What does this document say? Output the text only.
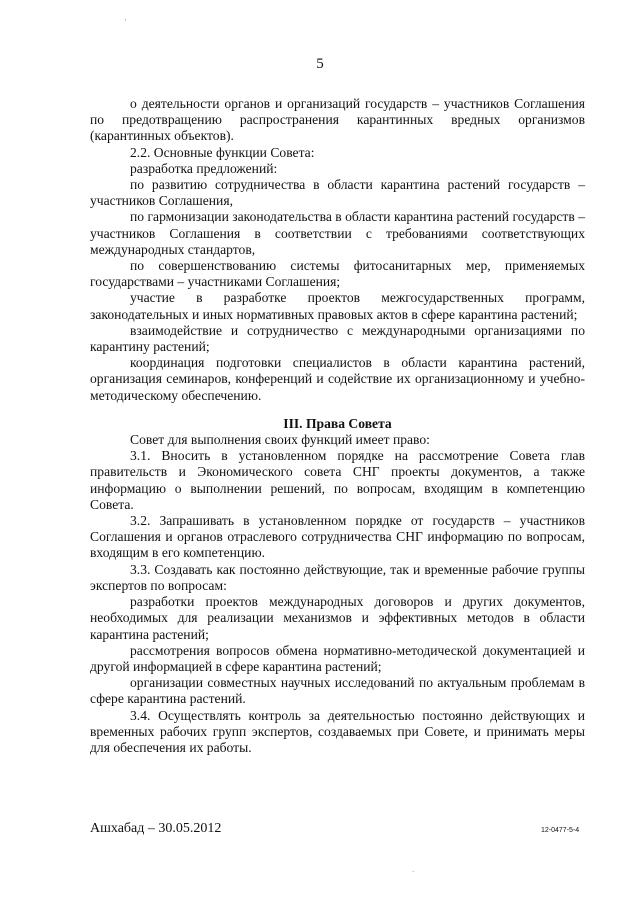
'
·
5

о деятельности органов и организаций государств – участников Соглашения по предотвращению распространения карантинных вредных организмов (карантинных объектов).

2.2. Основные функции Совета:

разработка предложений:

по развитию сотрудничества в области карантина растений государств – участников Соглашения,

по гармонизации законодательства в области карантина растений государств – участников Соглашения в соответствии с требованиями соответствующих международных стандартов,

по совершенствованию системы фитосанитарных мер, применяемых государствами – участниками Соглашения;

участие в разработке проектов межгосударственных программ, законодательных и иных нормативных правовых актов в сфере карантина растений;

взаимодействие и сотрудничество с международными организациями по карантину растений;

координация подготовки специалистов в области карантина растений, организация семинаров, конференций и содействие их организационному и учебно-методическому обеспечению.

III. Права Совета

Совет для выполнения своих функций имеет право:

3.1. Вносить в установленном порядке на рассмотрение Совета глав правительств и Экономического совета СНГ проекты документов, а также информацию о выполнении решений, по вопросам, входящим в компетенцию Совета.

3.2. Запрашивать в установленном порядке от государств – участников Соглашения и органов отраслевого сотрудничества СНГ информацию по вопросам, входящим в его компетенцию.

3.3. Создавать как постоянно действующие, так и временные рабочие группы экспертов по вопросам:

разработки проектов международных договоров и других документов, необходимых для реализации механизмов и эффективных методов в области карантина растений;

рассмотрения вопросов обмена нормативно-методической документацией и другой информацией в сфере карантина растений;

организации совместных научных исследований по актуальным проблемам в сфере карантина растений.

3.4. Осуществлять контроль за деятельностью постоянно действующих и временных рабочих групп экспертов, создаваемых при Совете, и принимать меры для обеспечения их работы.

Ашхабад – 30.05.2012	12-0477-5-4
